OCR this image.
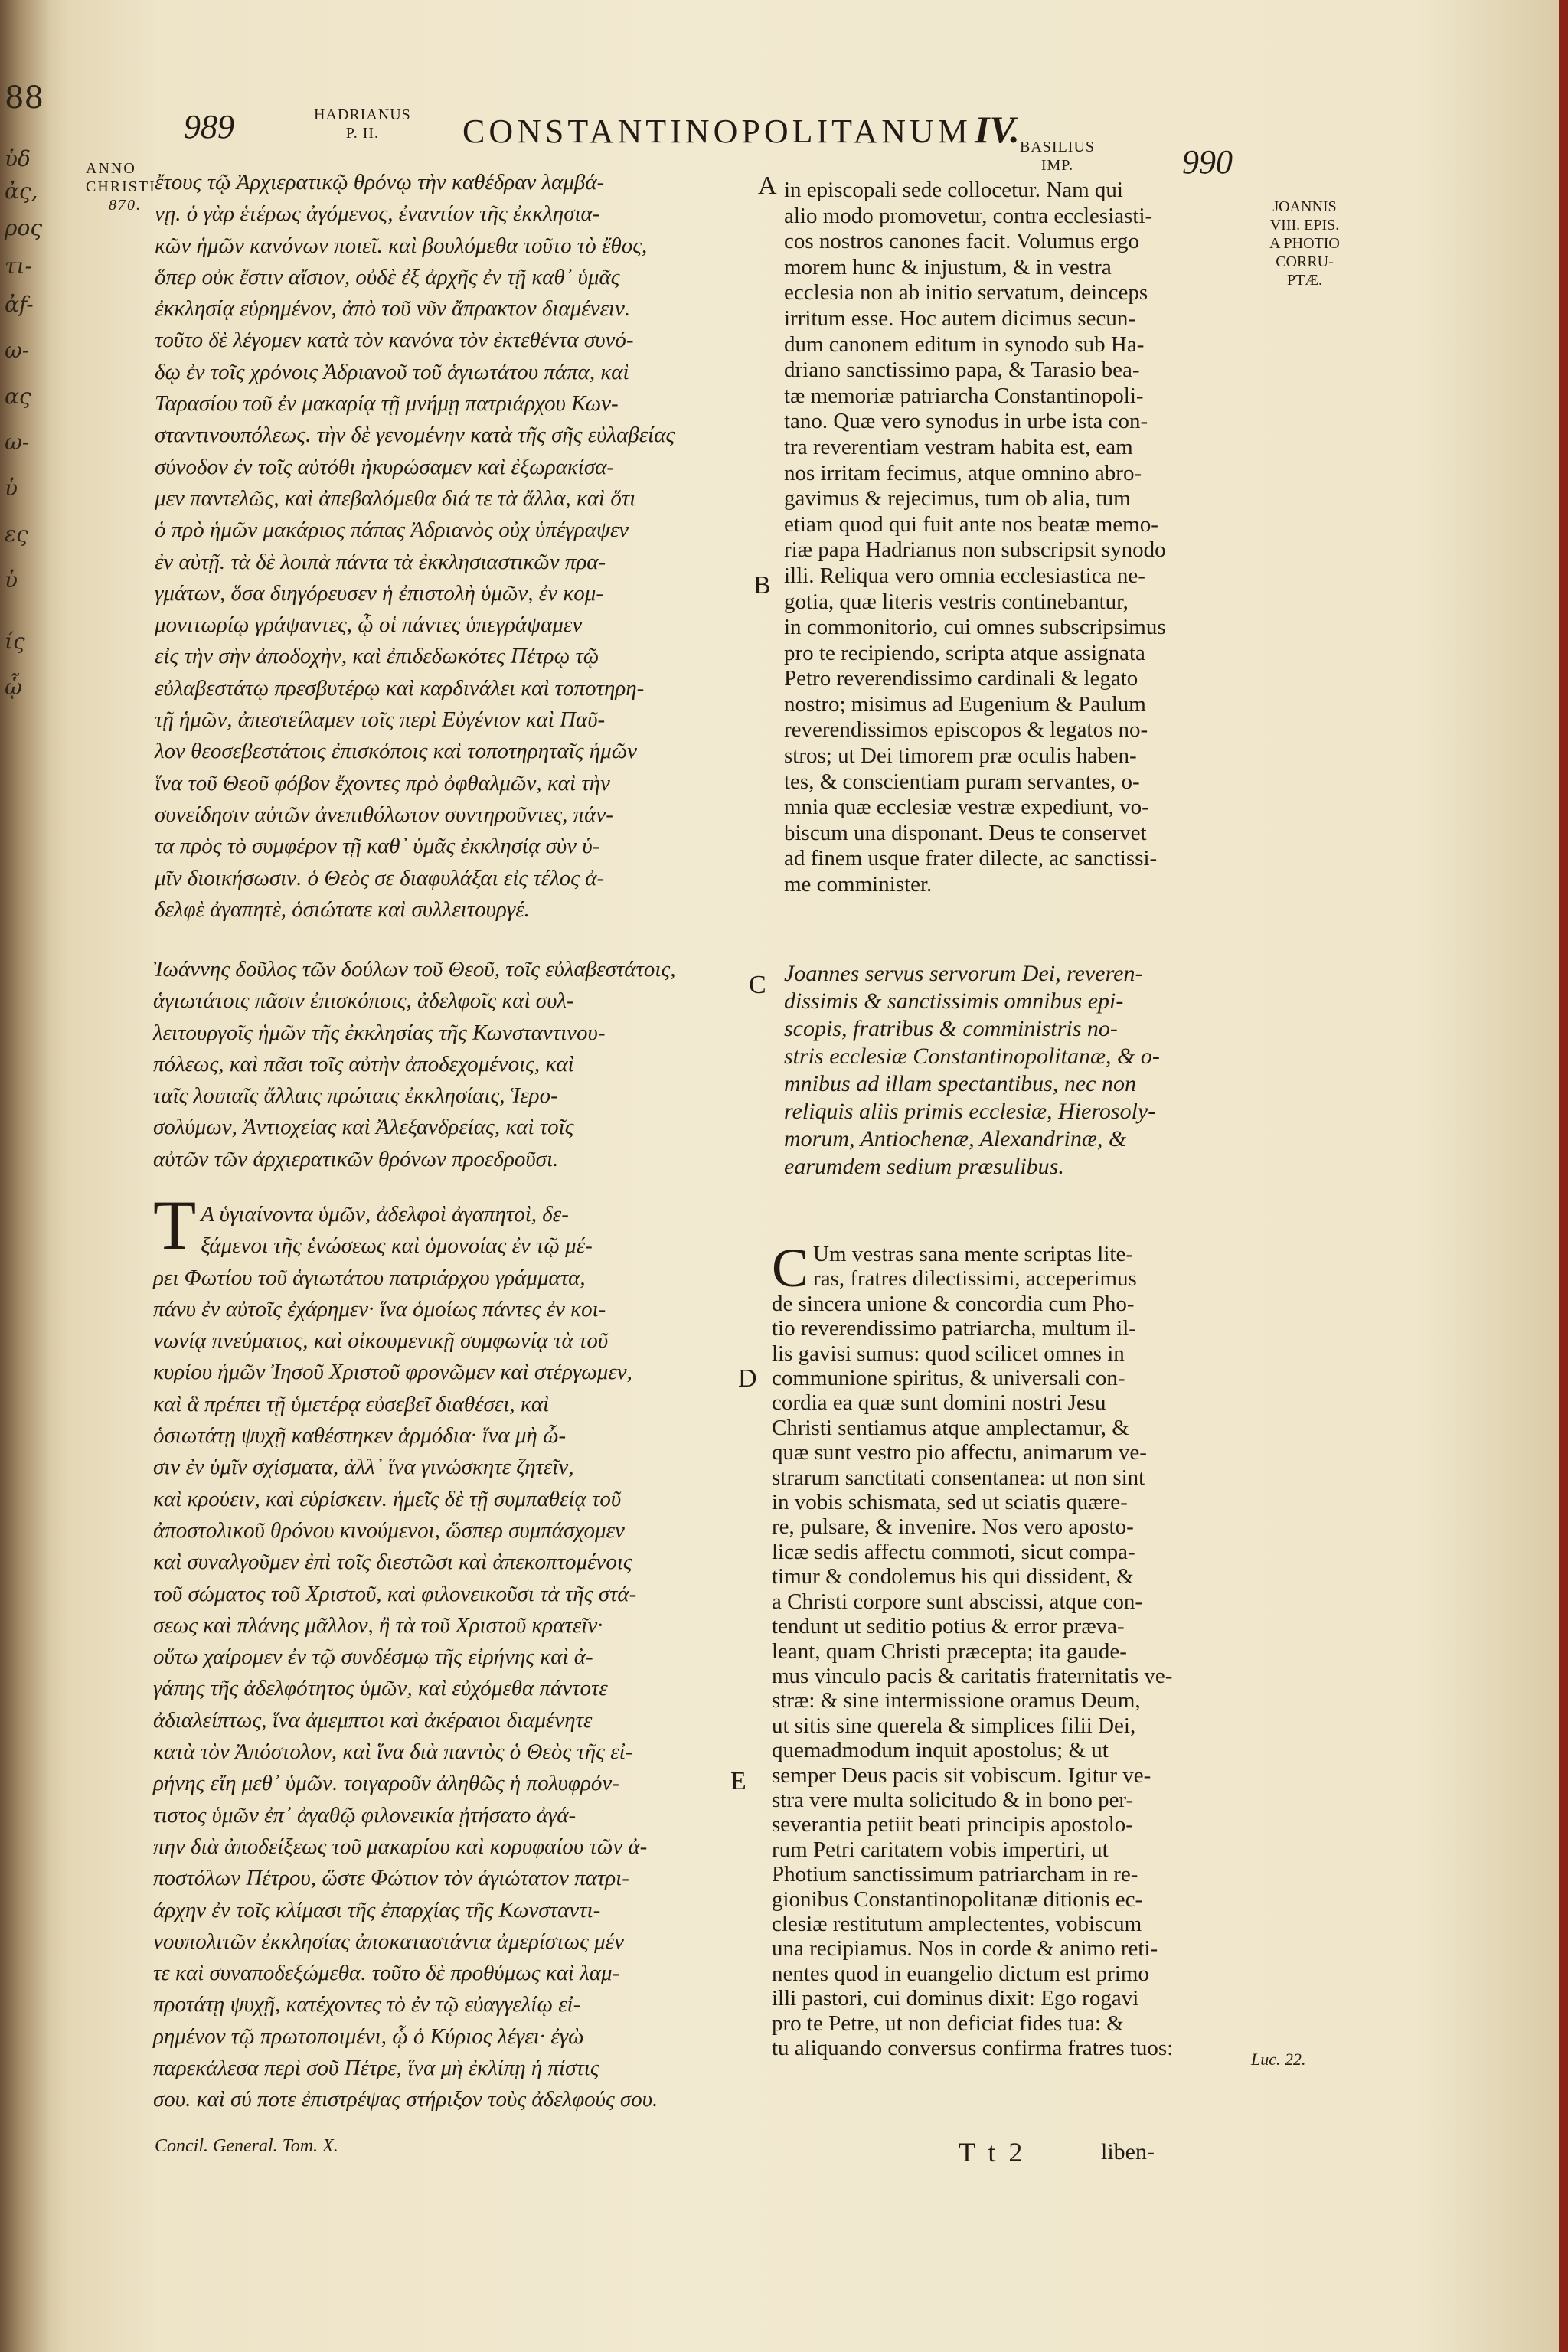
88
ὑδ
ἀς,
ρος
τι-
ἀf-
ω-
ας
ω-
ὑ
ες
ὑ
ίς
ᾧ
989	HADRIANUS
P. II.	CONSTANTINOPOLITANUM IV. BASILIUS
IMP.	990
ANNO
CHRISTI
870.	JOANNIS
VIII. EPIS.
A PHOTIO
CORRU-
PTÆ.
A
B
C
D
E
ἔτους τῷ Ἀρχιερατικῷ θρόνῳ τὴν καθέδραν λαμβά-
νῃ. ὁ γὰρ ἑτέρως ἀγόμενος, ἐναντίον τῆς ἐκκλησια-
κῶν ἡμῶν κανόνων ποιεῖ. καὶ βουλόμεθα τοῦτο τὸ ἔθος,
ὅπερ οὐκ ἔστιν αἴσιον, οὐδὲ ἐξ ἀρχῆς ἐν τῇ καθ᾽ ὑμᾶς
ἐκκλησίᾳ εὑρημένον, ἀπὸ τοῦ νῦν ἄπρακτον διαμένειν.
τοῦτο δὲ λέγομεν κατὰ τὸν κανόνα τὸν ἐκτεθέντα συνό-
δῳ ἐν τοῖς χρόνοις Ἀδριανοῦ τοῦ ἁγιωτάτου πάπα, καὶ
Ταρασίου τοῦ ἐν μακαρίᾳ τῇ μνήμῃ πατριάρχου Κων-
σταντινουπόλεως. τὴν δὲ γενομένην κατὰ τῆς σῆς εὐλαβείας
σύνοδον ἐν τοῖς αὐτόθι ἠκυρώσαμεν καὶ ἐξωρακίσα-
μεν παντελῶς, καὶ ἀπεβαλόμεθα διά τε τὰ ἄλλα, καὶ ὅτι
ὁ πρὸ ἡμῶν μακάριος πάπας Ἀδριανὸς οὐχ ὑπέγραψεν
ἐν αὐτῇ. τὰ δὲ λοιπὰ πάντα τὰ ἐκκλησιαστικῶν πρα-
γμάτων, ὅσα διηγόρευσεν ἡ ἐπιστολὴ ὑμῶν, ἐν κομ-
μονιτωρίῳ γράψαντες, ᾧ οἱ πάντες ὑπεγράψαμεν
εἰς τὴν σὴν ἀποδοχὴν, καὶ ἐπιδεδωκότες Πέτρῳ τῷ
εὐλαβεστάτῳ πρεσβυτέρῳ καὶ καρδινάλει καὶ τοποτηρη-
τῇ ἡμῶν, ἀπεστείλαμεν τοῖς περὶ Εὐγένιον καὶ Παῦ-
λον θεοσεβεστάτοις ἐπισκόποις καὶ τοποτηρηταῖς ἡμῶν
ἵνα τοῦ Θεοῦ φόβον ἔχοντες πρὸ ὀφθαλμῶν, καὶ τὴν
συνείδησιν αὐτῶν ἀνεπιθόλωτον συντηροῦντες, πάν-
τα πρὸς τὸ συμφέρον τῇ καθ᾽ ὑμᾶς ἐκκλησίᾳ σὺν ὑ-
μῖν διοικήσωσιν. ὁ Θεὸς σε διαφυλάξαι εἰς τέλος ἀ-
δελφὲ ἀγαπητὲ, ὁσιώτατε καὶ συλλειτουργέ.
in episcopali sede collocetur. Nam qui
alio modo promovetur, contra ecclesiasti-
cos nostros canones facit. Volumus ergo
morem hunc & injustum, & in vestra
ecclesia non ab initio servatum, deinceps
irritum esse. Hoc autem dicimus secun-
dum canonem editum in synodo sub Ha-
driano sanctissimo papa, & Tarasio bea-
tæ memoriæ patriarcha Constantinopoli-
tano. Quæ vero synodus in urbe ista con-
tra reverentiam vestram habita est, eam
nos irritam fecimus, atque omnino abro-
gavimus & rejecimus, tum ob alia, tum
etiam quod qui fuit ante nos beatæ memo-
riæ papa Hadrianus non subscripsit synodo
illi. Reliqua vero omnia ecclesiastica ne-
gotia, quæ literis vestris continebantur,
in commonitorio, cui omnes subscripsimus
pro te recipiendo, scripta atque assignata
Petro reverendissimo cardinali & legato
nostro; misimus ad Eugenium & Paulum
reverendissimos episcopos & legatos no-
stros; ut Dei timorem præ oculis haben-
tes, & conscientiam puram servantes, o-
mnia quæ ecclesiæ vestræ expediunt, vo-
biscum una disponant. Deus te conservet
ad finem usque frater dilecte, ac sanctissi-
me comminister.
Ἰωάννης δοῦλος τῶν δούλων τοῦ Θεοῦ, τοῖς εὐλαβεστάτοις,
ἁγιωτάτοις πᾶσιν ἐπισκόποις, ἀδελφοῖς καὶ συλ-
λειτουργοῖς ἡμῶν τῆς ἐκκλησίας τῆς Κωνσταντινου-
πόλεως, καὶ πᾶσι τοῖς αὐτὴν ἀποδεχομένοις, καὶ
ταῖς λοιπαῖς ἄλλαις πρώταις ἐκκλησίαις, Ἱερο-
σολύμων, Ἀντιοχείας καὶ Ἀλεξανδρείας, καὶ τοῖς
αὐτῶν τῶν ἀρχιερατικῶν θρόνων προεδροῦσι.
Joannes servus servorum Dei, reveren-
dissimis & sanctissimis omnibus epi-
scopis, fratribus & comministris no-
stris ecclesiæ Constantinopolitanæ, & o-
mnibus ad illam spectantibus, nec non
reliquis aliis primis ecclesiæ, Hierosoly-
morum, Antiochenæ, Alexandrinæ, &
earumdem sedium præsulibus.
Τ Α ὑγιαίνοντα ὑμῶν, ἀδελφοὶ ἀγαπητοὶ, δε-
ξάμενοι τῆς ἑνώσεως καὶ ὁμονοίας ἐν τῷ μέ-
ρει Φωτίου τοῦ ἁγιωτάτου πατριάρχου γράμματα,
πάνυ ἐν αὐτοῖς ἐχάρημεν· ἵνα ὁμοίως πάντες ἐν κοι-
νωνίᾳ πνεύματος, καὶ οἰκουμενικῇ συμφωνίᾳ τὰ τοῦ
κυρίου ἡμῶν Ἰησοῦ Χριστοῦ φρονῶμεν καὶ στέργωμεν,
καὶ ἃ πρέπει τῇ ὑμετέρᾳ εὐσεβεῖ διαθέσει, καὶ
ὁσιωτάτῃ ψυχῇ καθέστηκεν ἁρμόδια· ἵνα μὴ ὦ-
σιν ἐν ὑμῖν σχίσματα, ἀλλ᾽ ἵνα γινώσκητε ζητεῖν,
καὶ κρούειν, καὶ εὑρίσκειν. ἡμεῖς δὲ τῇ συμπαθείᾳ τοῦ
ἀποστολικοῦ θρόνου κινούμενοι, ὥσπερ συμπάσχομεν
καὶ συναλγοῦμεν ἐπὶ τοῖς διεστῶσι καὶ ἀπεκοπτομένοις
τοῦ σώματος τοῦ Χριστοῦ, καὶ φιλονεικοῦσι τὰ τῆς στά-
σεως καὶ πλάνης μᾶλλον, ἢ τὰ τοῦ Χριστοῦ κρατεῖν·
οὕτω χαίρομεν ἐν τῷ συνδέσμῳ τῆς εἰρήνης καὶ ἀ-
γάπης τῆς ἀδελφότητος ὑμῶν, καὶ εὐχόμεθα πάντοτε
ἀδιαλείπτως, ἵνα ἀμεμπτοι καὶ ἀκέραιοι διαμένητε
κατὰ τὸν Ἀπόστολον, καὶ ἵνα διὰ παντὸς ὁ Θεὸς τῆς εἰ-
ρήνης εἴη μεθ᾽ ὑμῶν. τοιγαροῦν ἀληθῶς ἡ πολυφρόν-
τιστος ὑμῶν ἐπ᾽ ἀγαθῷ φιλονεικία ᾐτήσατο ἀγά-
πην διὰ ἀποδείξεως τοῦ μακαρίου καὶ κορυφαίου τῶν ἀ-
ποστόλων Πέτρου, ὥστε Φώτιον τὸν ἁγιώτατον πατρι-
άρχην ἐν τοῖς κλίμασι τῆς ἐπαρχίας τῆς Κωνσταντι-
νουπολιτῶν ἐκκλησίας ἀποκαταστάντα ἀμερίστως μέν
τε καὶ συναποδεξώμεθα. τοῦτο δὲ προθύμως καὶ λαμ-
προτάτῃ ψυχῇ, κατέχοντες τὸ ἐν τῷ εὐαγγελίῳ εἰ-
ρημένον τῷ πρωτοποιμένι, ᾧ ὁ Κύριος λέγει· ἐγὼ
παρεκάλεσα περὶ σοῦ Πέτρε, ἵνα μὴ ἐκλίπῃ ἡ πίστις
σου. καὶ σύ ποτε ἐπιστρέψας στήριξον τοὺς ἀδελφούς σου.
C Um vestras sana mente scriptas lite-
ras, fratres dilectissimi, acceperimus
de sincera unione & concordia cum Pho-
tio reverendissimo patriarcha, multum il-
lis gavisi sumus: quod scilicet omnes in
communione spiritus, & universali con-
cordia ea quæ sunt domini nostri Jesu
Christi sentiamus atque amplectamur, &
quæ sunt vestro pio affectu, animarum ve-
strarum sanctitati consentanea: ut non sint
in vobis schismata, sed ut sciatis quære-
re, pulsare, & invenire. Nos vero aposto-
licæ sedis affectu commoti, sicut compa-
timur & condolemus his qui dissident, &
a Christi corpore sunt abscissi, atque con-
tendunt ut seditio potius & error præva-
leant, quam Christi præcepta; ita gaude-
mus vinculo pacis & caritatis fraternitatis ve-
stræ: & sine intermissione oramus Deum,
ut sitis sine querela & simplices filii Dei,
quemadmodum inquit apostolus; & ut
semper Deus pacis sit vobiscum. Igitur ve-
stra vere multa solicitudo & in bono per-
severantia petiit beati principis apostolo-
rum Petri caritatem vobis impertiri, ut
Photium sanctissimum patriarcham in re-
gionibus Constantinopolitanæ ditionis ec-
clesiæ restitutum amplectentes, vobiscum
una recipiamus. Nos in corde & animo reti-
nentes quod in euangelio dictum est primo
illi pastori, cui dominus dixit: Ego rogavi
pro te Petre, ut non deficiat fides tua: &
tu aliquando conversus confirma fratres tuos:	Luc. 22.
Concil. General. Tom. X.	T t 2	liben-
